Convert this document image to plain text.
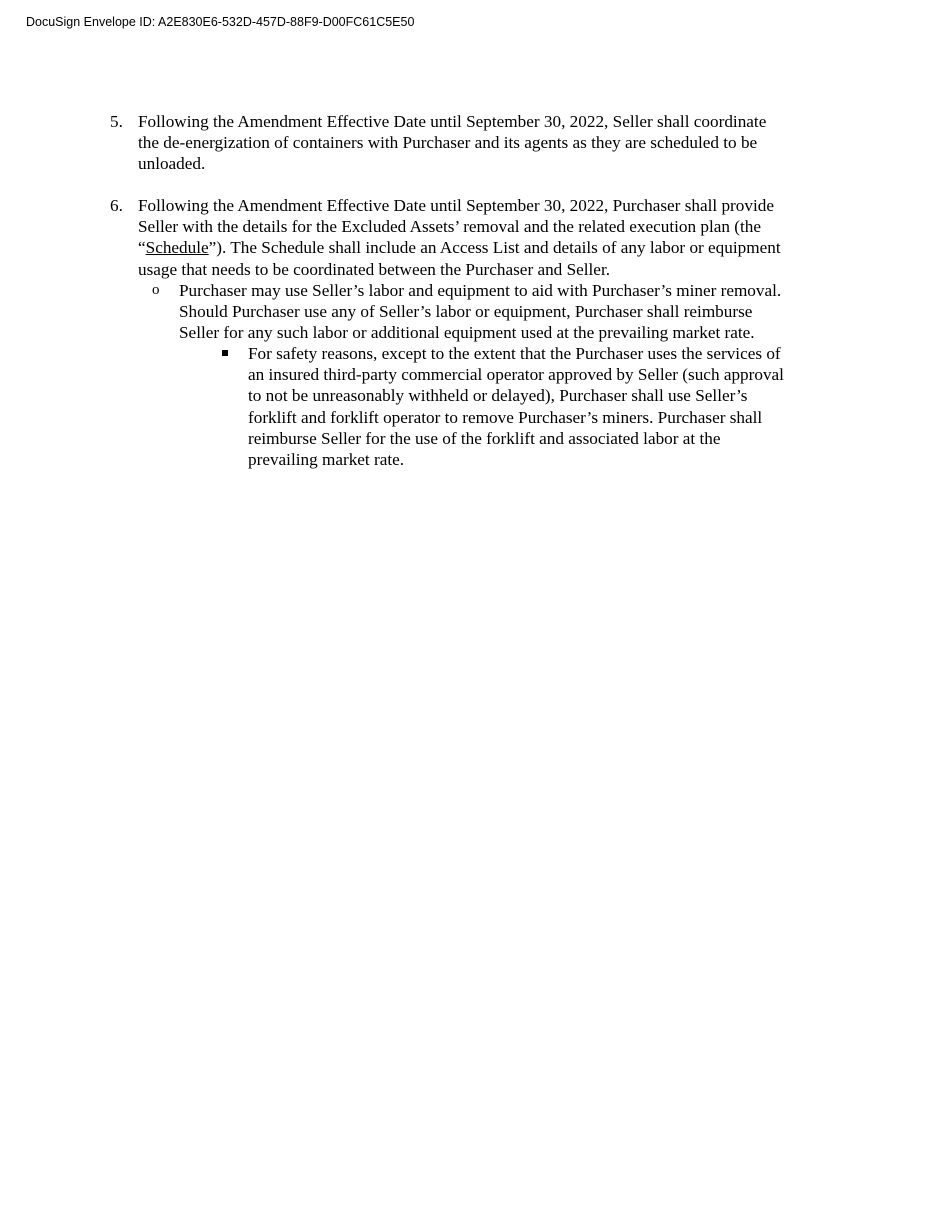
DocuSign Envelope ID: A2E830E6-532D-457D-88F9-D00FC61C5E50
5. Following the Amendment Effective Date until September 30, 2022, Seller shall coordinate
the de-energization of containers with Purchaser and its agents as they are scheduled to be
unloaded.
6. Following the Amendment Effective Date until September 30, 2022, Purchaser shall provide
Seller with the details for the Excluded Assets’ removal and the related execution plan (the
“Schedule”). The Schedule shall include an Access List and details of any labor or equipment
usage that needs to be coordinated between the Purchaser and Seller.
o Purchaser may use Seller’s labor and equipment to aid with Purchaser’s miner removal.
Should Purchaser use any of Seller’s labor or equipment, Purchaser shall reimburse
Seller for any such labor or additional equipment used at the prevailing market rate.
For safety reasons, except to the extent that the Purchaser uses the services of
an insured third-party commercial operator approved by Seller (such approval
to not be unreasonably withheld or delayed), Purchaser shall use Seller’s
forklift and forklift operator to remove Purchaser’s miners. Purchaser shall
reimburse Seller for the use of the forklift and associated labor at the
prevailing market rate.
